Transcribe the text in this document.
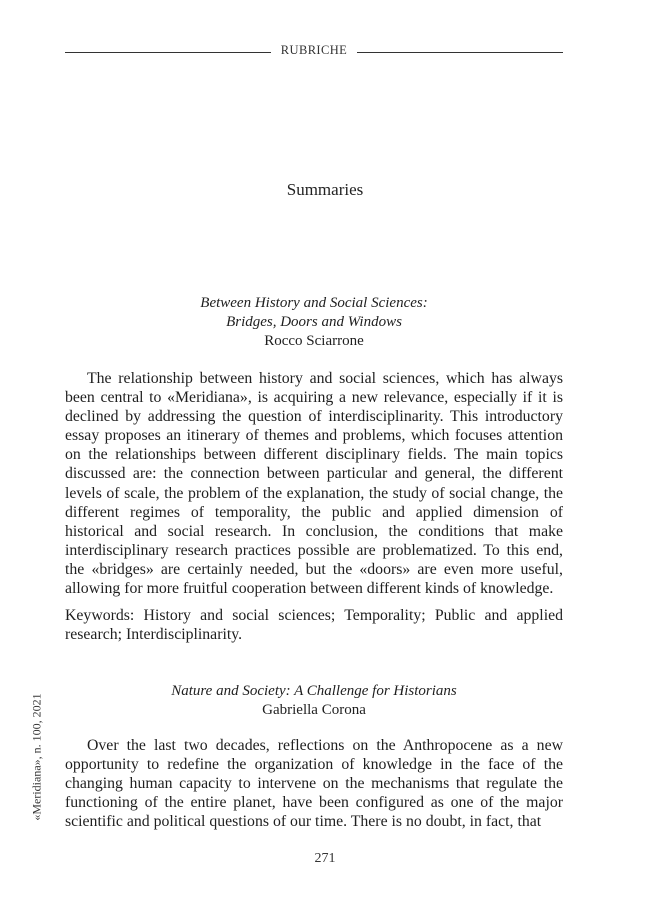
RUBRICHE
Summaries
Between History and Social Sciences:
Bridges, Doors and Windows
Rocco Sciarrone

The relationship between history and social sciences, which has always been central to «Meridiana», is acquiring a new relevance, especially if it is declined by addressing the question of interdisciplinarity. This introductory essay proposes an itinerary of themes and problems, which focuses attention on the relationships between different disciplinary fields. The main topics discussed are: the connection between particular and general, the different levels of scale, the problem of the explanation, the study of social change, the different regimes of temporality, the public and applied dimension of historical and social research. In conclusion, the conditions that make interdisciplinary research practices possible are problematized. To this end, the «bridges» are certainly needed, but the «doors» are even more useful, allowing for more fruitful cooperation between different kinds of knowledge.

Keywords: History and social sciences; Temporality; Public and applied research; Interdisciplinarity.
Nature and Society: A Challenge for Historians
Gabriella Corona

Over the last two decades, reflections on the Anthropocene as a new opportunity to redefine the organization of knowledge in the face of the changing human capacity to intervene on the mechanisms that regulate the functioning of the entire planet, have been configured as one of the major scientific and political questions of our time. There is no doubt, in fact, that

«Meridiana», n. 100, 2021
271
